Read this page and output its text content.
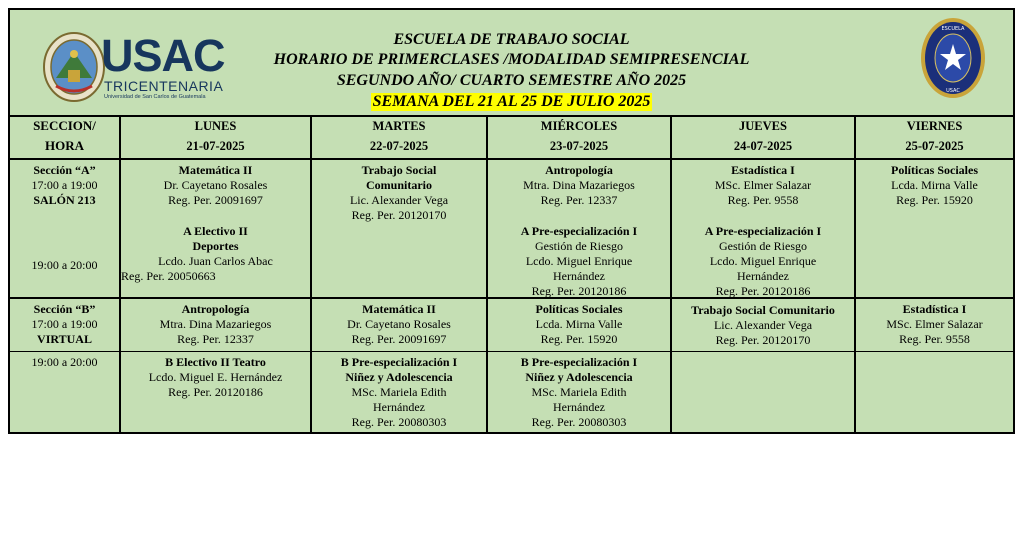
USAC
TRICENTENARIA
Universidad de San Carlos de Guatemala
ESCUELA DE TRABAJO SOCIAL
HORARIO DE PRIMERCLASES /MODALIDAD SEMIPRESENCIAL
SEGUNDO AÑO/ CUARTO SEMESTRE AÑO 2025
SEMANA DEL 21 AL 25 DE JULIO 2025
ESCUELA
USAC
SECCION/
HORA
LUNES
21-07-2025
MARTES
22-07-2025
MIÉRCOLES
23-07-2025
JUEVES
24-07-2025
VIERNES
25-07-2025
Sección “A”
17:00 a 19:00
SALÓN 213
19:00 a 20:00
Matemática II
Dr. Cayetano Rosales
Reg. Per. 20091697
Trabajo Social
Comunitario
Lic. Alexander Vega
Reg. Per. 20120170
Antropología
Mtra. Dina Mazariegos
Reg. Per. 12337
Estadística I
MSc. Elmer Salazar
Reg. Per. 9558
Políticas Sociales
Lcda. Mirna Valle
Reg. Per. 15920
A Electivo II
Deportes
Lcdo. Juan Carlos Abac
Reg. Per. 20050663
A Pre-especialización I
Gestión de Riesgo
Lcdo. Miguel Enrique
Hernández
Reg. Per. 20120186
A Pre-especialización I
Gestión de Riesgo
Lcdo. Miguel Enrique
Hernández
Reg. Per. 20120186
Sección “B”
17:00 a 19:00
VIRTUAL
19:00 a 20:00
Antropología
Mtra. Dina Mazariegos
Reg. Per. 12337
Matemática II
Dr. Cayetano Rosales
Reg. Per. 20091697
Políticas Sociales
Lcda. Mirna Valle
Reg. Per. 15920
Trabajo Social Comunitario
Lic. Alexander Vega
Reg. Per. 20120170
Estadística I
MSc. Elmer Salazar
Reg. Per. 9558
B Electivo II Teatro
Lcdo. Miguel E. Hernández
Reg. Per. 20120186
B Pre-especialización I
Niñez y Adolescencia
MSc. Mariela Edith
Hernández
Reg. Per. 20080303
B Pre-especialización I
Niñez y Adolescencia
MSc. Mariela Edith
Hernández
Reg. Per. 20080303
